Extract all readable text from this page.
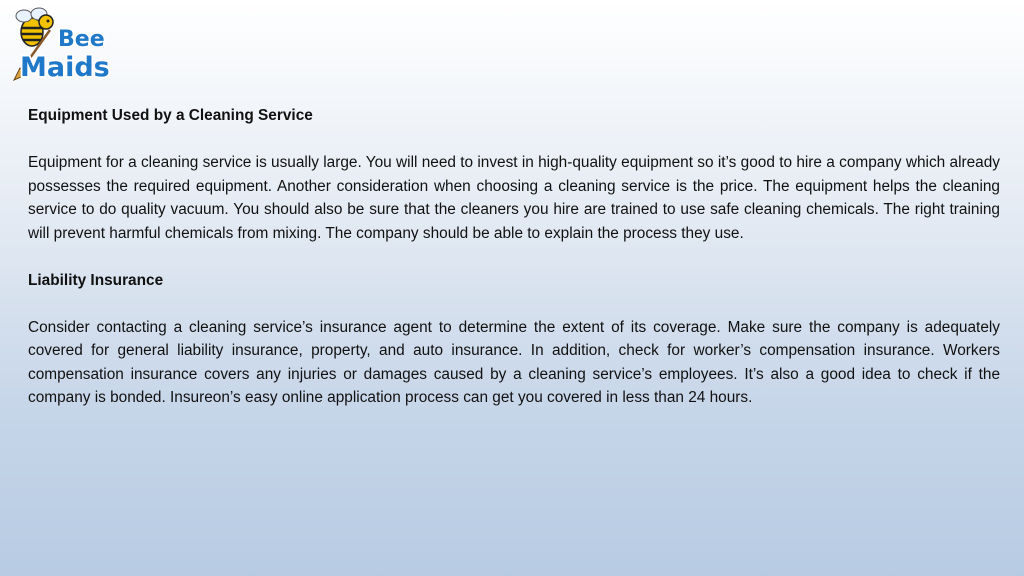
Bee
Maids

Equipment Used by a Cleaning Service

Equipment for a cleaning service is usually large. You will need to invest in high-quality equipment so it’s good to hire a company which already possesses the required equipment. Another consideration when choosing a cleaning service is the price. The equipment helps the cleaning service to do quality vacuum. You should also be sure that the cleaners you hire are trained to use safe cleaning chemicals. The right training will prevent harmful chemicals from mixing. The company should be able to explain the process they use.

Liability Insurance

Consider contacting a cleaning service’s insurance agent to determine the extent of its coverage. Make sure the company is adequately covered for general liability insurance, property, and auto insurance. In addition, check for worker’s compensation insurance. Workers compensation insurance covers any injuries or damages caused by a cleaning service’s employees. It’s also a good idea to check if the company is bonded. Insureon’s easy online application process can get you covered in less than 24 hours.
